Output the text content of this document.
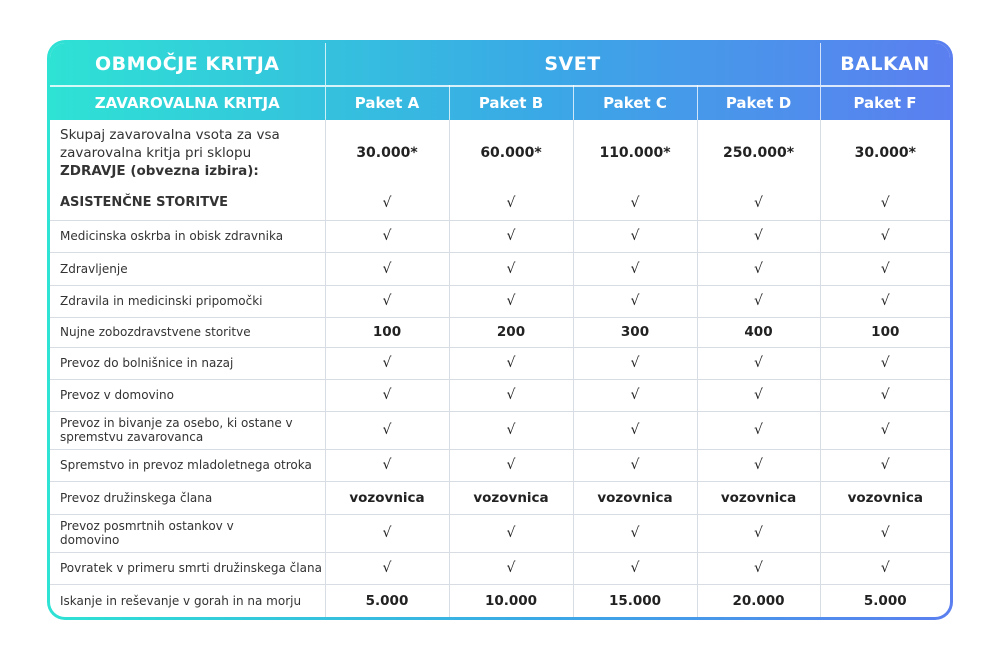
OBMOČJE KRITJA	SVET				BALKAN
ZAVAROVALNA KRITJA	Paket A	Paket B	Paket C	Paket D	Paket F
Skupaj zavarovalna vsota za vsa
zavarovalna kritja pri sklopu
ZDRAVJE (obvezna izbira):	30.000*	60.000*	110.000*	250.000*	30.000*
ASISTENČNE STORITVE	√	√	√	√	√
Medicinska oskrba in obisk zdravnika	√	√	√	√	√
Zdravljenje	√	√	√	√	√
Zdravila in medicinski pripomočki	√	√	√	√	√
Nujne zobozdravstvene storitve	100	200	300	400	100
Prevoz do bolnišnice in nazaj	√	√	√	√	√
Prevoz v domovino	√	√	√	√	√
Prevoz in bivanje za osebo, ki ostane v spremstvu zavarovanca	√	√	√	√	√
Spremstvo in prevoz mladoletnega otroka	√	√	√	√	√
Prevoz družinskega člana	vozovnica	vozovnica	vozovnica	vozovnica	vozovnica
Prevoz posmrtnih ostankov v domovino	√	√	√	√	√
Povratek v primeru smrti družinskega člana	√	√	√	√	√
Iskanje in reševanje v gorah in na morju	5.000	10.000	15.000	20.000	5.000
